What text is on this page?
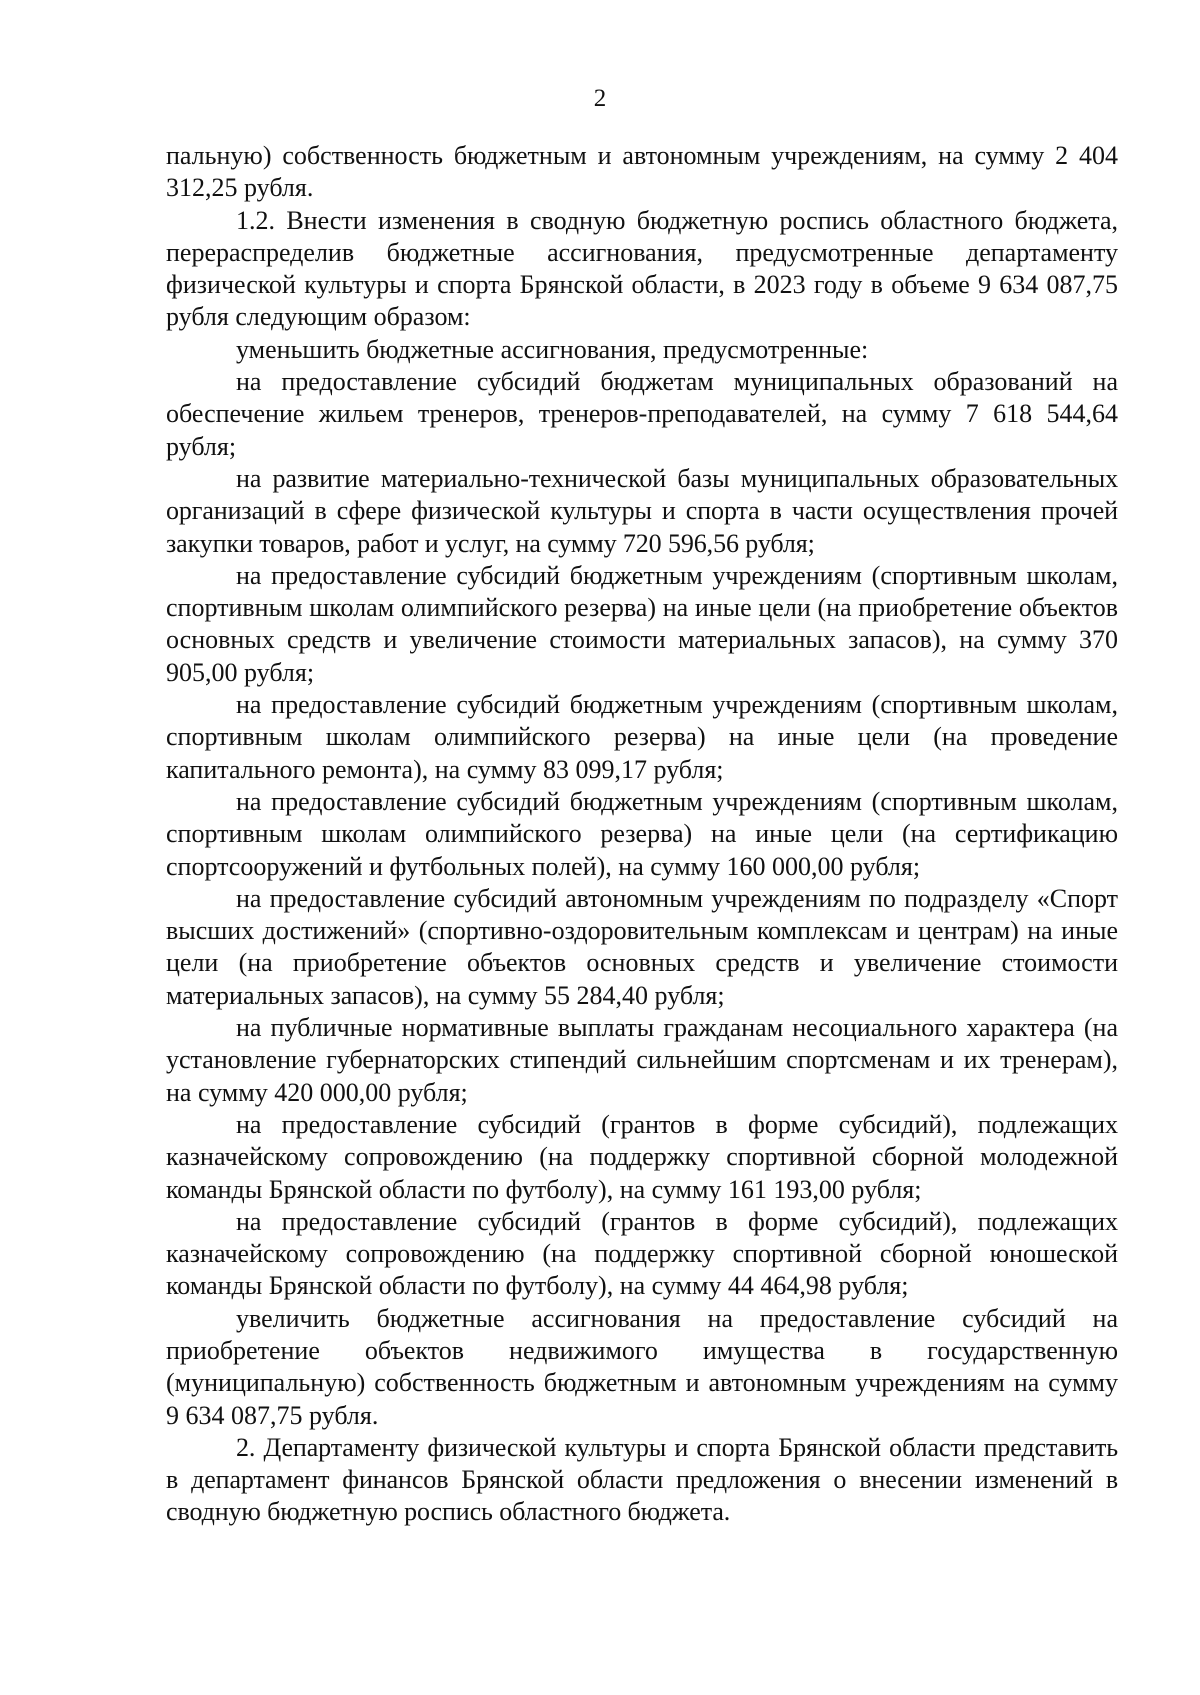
2

пальную) собственность бюджетным и автономным учреждениям, на сумму 2 404 312,25 рубля.

1.2. Внести изменения в сводную бюджетную роспись областного бюджета, перераспределив бюджетные ассигнования, предусмотренные департаменту физической культуры и спорта Брянской области, в 2023 году в объеме 9 634 087,75 рубля следующим образом:

уменьшить бюджетные ассигнования, предусмотренные:

на предоставление субсидий бюджетам муниципальных образований на обеспечение жильем тренеров, тренеров-преподавателей, на сумму 7 618 544,64 рубля;

на развитие материально-технической базы муниципальных образовательных организаций в сфере физической культуры и спорта в части осуществления прочей закупки товаров, работ и услуг, на сумму 720 596,56 рубля;

на предоставление субсидий бюджетным учреждениям (спортивным школам, спортивным школам олимпийского резерва) на иные цели (на приобретение объектов основных средств и увеличение стоимости материальных запасов), на сумму 370 905,00 рубля;

на предоставление субсидий бюджетным учреждениям (спортивным школам, спортивным школам олимпийского резерва) на иные цели (на проведение капитального ремонта), на сумму 83 099,17 рубля;

на предоставление субсидий бюджетным учреждениям (спортивным школам, спортивным школам олимпийского резерва) на иные цели (на сертификацию спортсооружений и футбольных полей), на сумму 160 000,00 рубля;

на предоставление субсидий автономным учреждениям по подразделу «Спорт высших достижений» (спортивно-оздоровительным комплексам и центрам) на иные цели (на приобретение объектов основных средств и увеличение стоимости материальных запасов), на сумму 55 284,40 рубля;

на публичные нормативные выплаты гражданам несоциального характера (на установление губернаторских стипендий сильнейшим спортсменам и их тренерам), на сумму 420 000,00 рубля;

на предоставление субсидий (грантов в форме субсидий), подлежащих казначейскому сопровождению (на поддержку спортивной сборной молодежной команды Брянской области по футболу), на сумму 161 193,00 рубля;

на предоставление субсидий (грантов в форме субсидий), подлежащих казначейскому сопровождению (на поддержку спортивной сборной юношеской команды Брянской области по футболу), на сумму 44 464,98 рубля;

увеличить бюджетные ассигнования на предоставление субсидий на приобретение объектов недвижимого имущества в государственную (муниципальную) собственность бюджетным и автономным учреждениям на сумму 9 634 087,75 рубля.

2. Департаменту физической культуры и спорта Брянской области представить в департамент финансов Брянской области предложения о внесении изменений в сводную бюджетную роспись областного бюджета.
